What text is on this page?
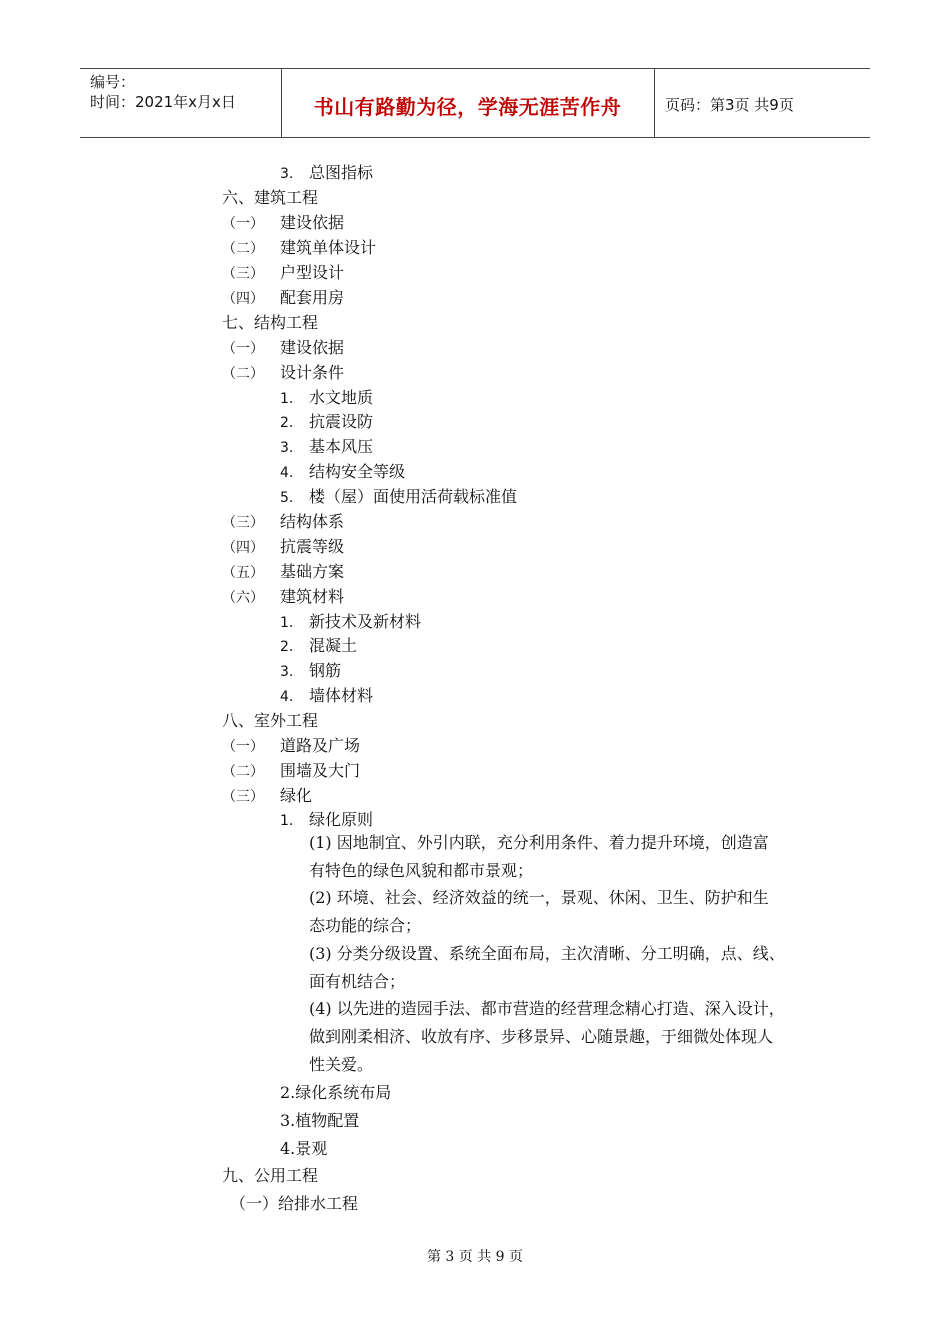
编号：
时间：2021年x月x日	书山有路勤为径，学海无涯苦作舟	页码：第3页 共9页
3. 总图指标
六、建筑工程
（一） 建设依据
（二） 建筑单体设计
（三） 户型设计
（四） 配套用房
七、结构工程
（一） 建设依据
（二） 设计条件
1. 水文地质
2. 抗震设防
3. 基本风压
4. 结构安全等级
5. 楼（屋）面使用活荷载标准值
（三） 结构体系
（四） 抗震等级
（五） 基础方案
（六） 建筑材料
1. 新技术及新材料
2. 混凝土
3. 钢筋
4. 墙体材料
八、室外工程
（一） 道路及广场
（二） 围墙及大门
（三） 绿化
1. 绿化原则
(1) 因地制宜、外引内联，充分利用条件、着力提升环境，创造富
有特色的绿色风貌和都市景观；
(2) 环境、社会、经济效益的统一，景观、休闲、卫生、防护和生
态功能的综合；
(3) 分类分级设置、系统全面布局，主次清晰、分工明确，点、线、
面有机结合；
(4) 以先进的造园手法、都市营造的经营理念精心打造、深入设计，
做到刚柔相济、收放有序、步移景异、心随景趣，于细微处体现人
性关爱。
2.绿化系统布局
3.植物配置
4.景观
九、公用工程
（一）给排水工程
第 3 页 共 9 页
